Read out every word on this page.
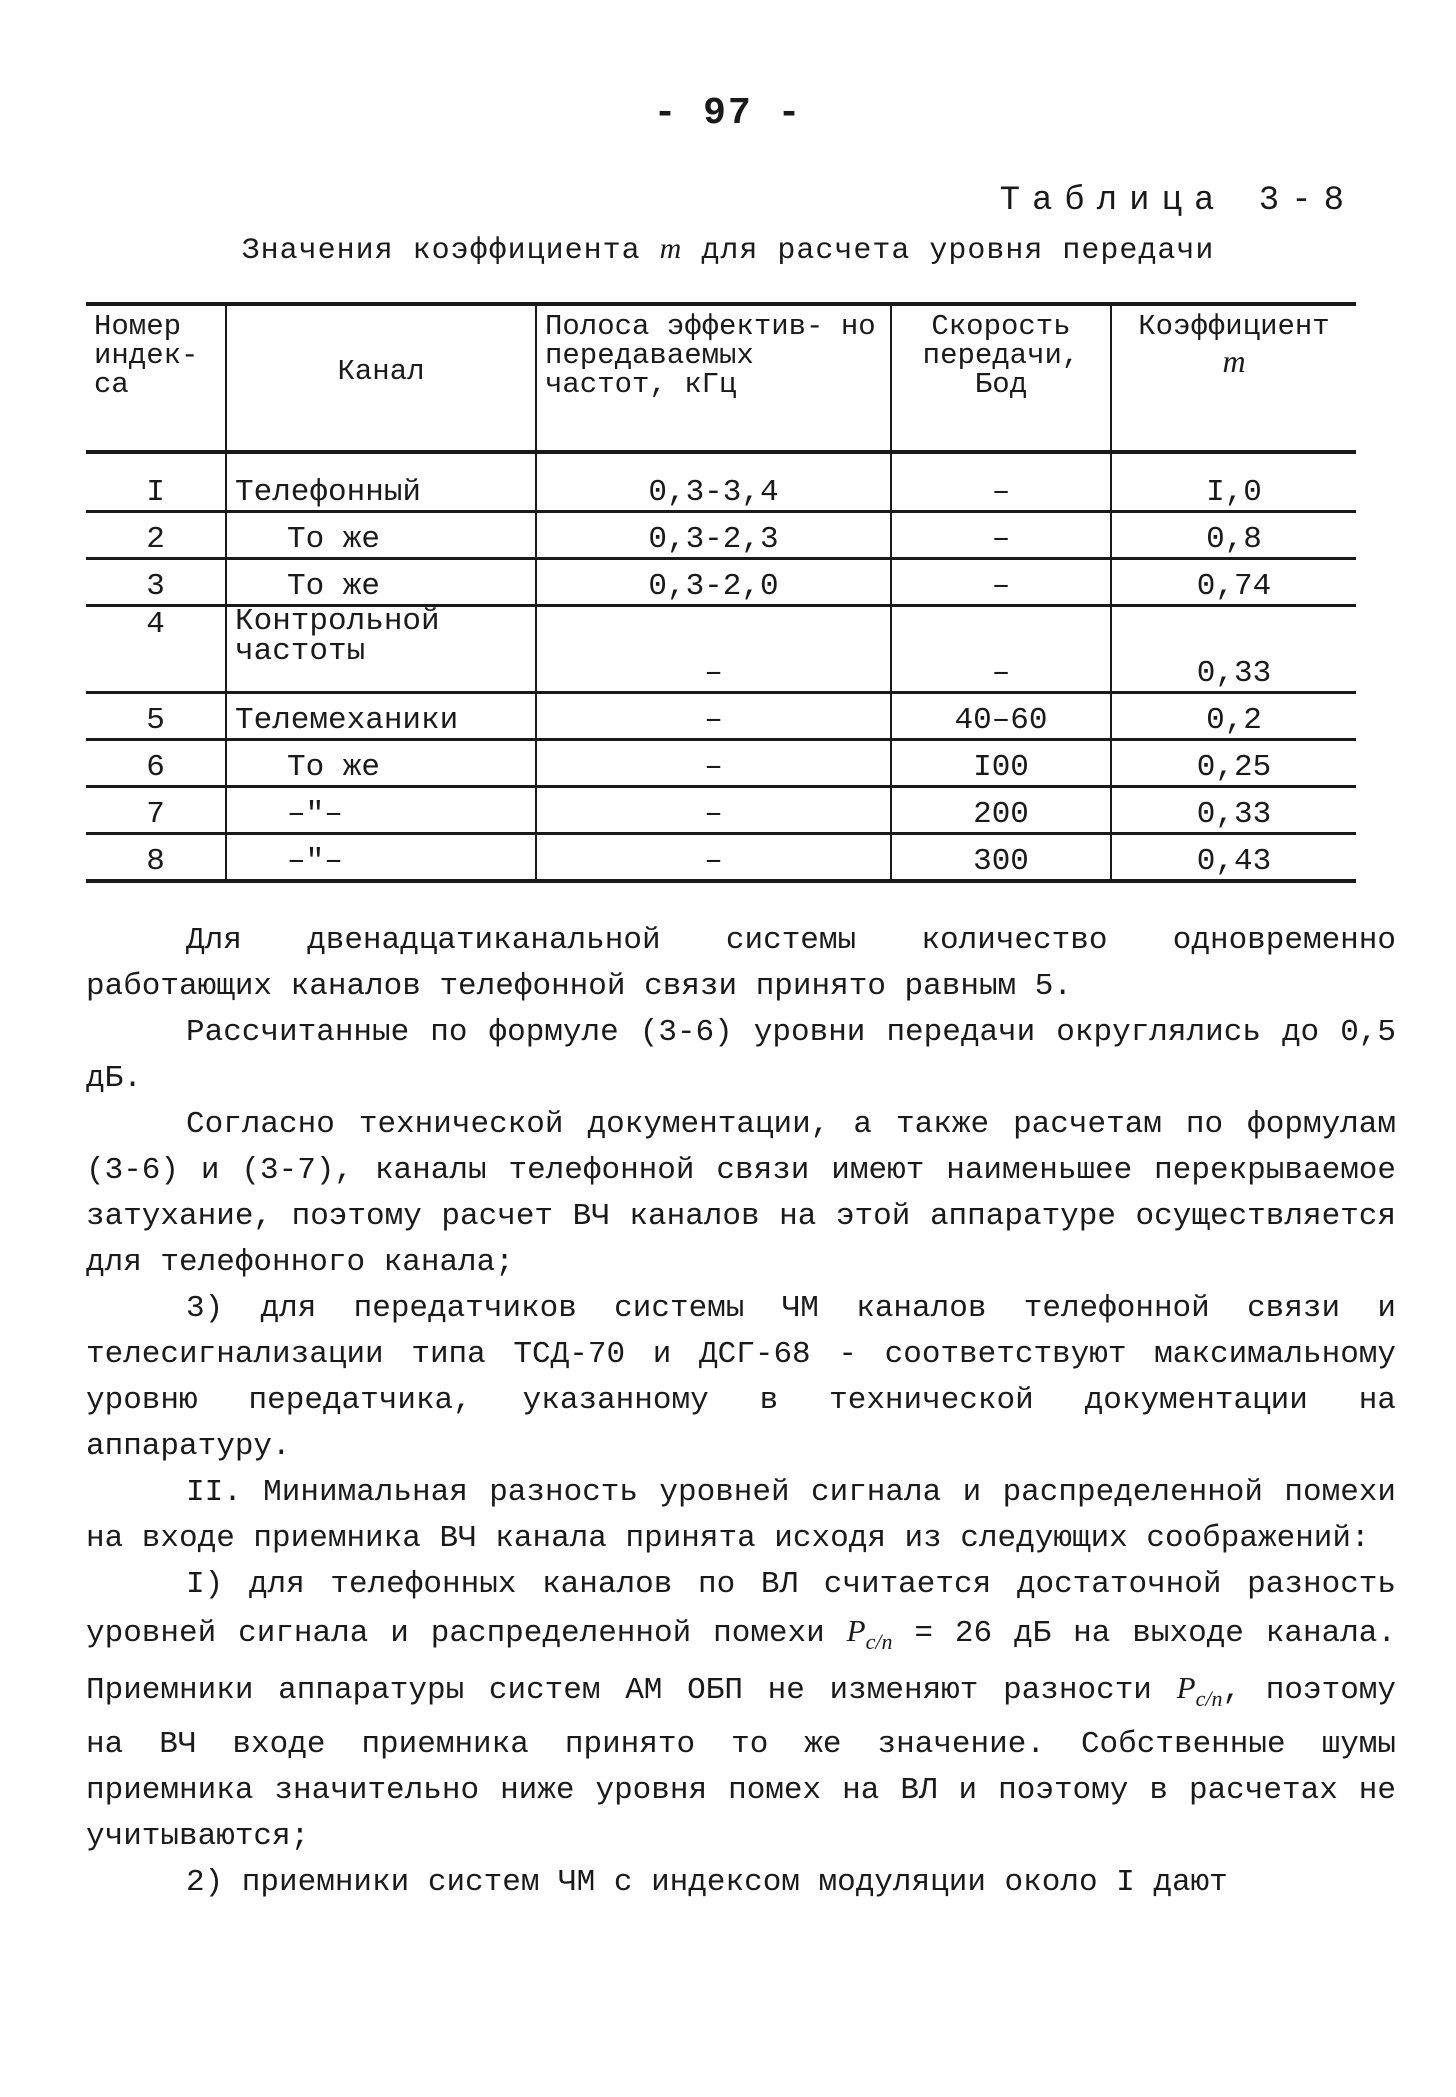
- 97 -
Таблица 3-8
Значения коэффициента m для расчета уровня передачи
Номер индек- са	Канал	Полоса эффектив- но передаваемых частот, кГц	Скорость передачи, Бод	Коэффициент
m

I	Телефонный	0,3-3,4	–	I,0
2	То же	0,3-2,3	–	0,8
3	То же	0,3-2,0	–	0,74
4	Контрольной частоты	–	–	0,33
5	Телемеханики	–	40–60	0,2
6	То же	–	I00	0,25
7	–"–	–	200	0,33
8	–"–	–	300	0,43

Для двенадцатиканальной системы количество одновременно работающих каналов телефонной связи принято равным 5.

Рассчитанные по формуле (3-6) уровни передачи округлялись до 0,5 дБ.

Согласно технической документации, а также расчетам по формулам (3-6) и (3-7), каналы телефонной связи имеют наименьшее перекрываемое затухание, поэтому расчет ВЧ каналов на этой аппаратуре осуществляется для телефонного канала;

3) для передатчиков системы ЧМ каналов телефонной связи и телесигнализации типа ТСД-70 и ДСГ-68 - соответствуют максимальному уровню передатчика, указанному в технической документации на аппаратуру.

II. Минимальная разность уровней сигнала и распределенной помехи на входе приемника ВЧ канала принята исходя из следующих соображений:

I) для телефонных каналов по ВЛ считается достаточной разность уровней сигнала и распределенной помехи $P_{c/n} = 26$ дБ на выходе канала. Приемники аппаратуры систем АМ ОБП не изменяют разности $P_{c/n}$, поэтому на ВЧ входе приемника принято то же значение. Собственные шумы приемника значительно ниже уровня помех на ВЛ и поэтому в расчетах не учитываются;

2) приемники систем ЧМ с индексом модуляции около I дают
